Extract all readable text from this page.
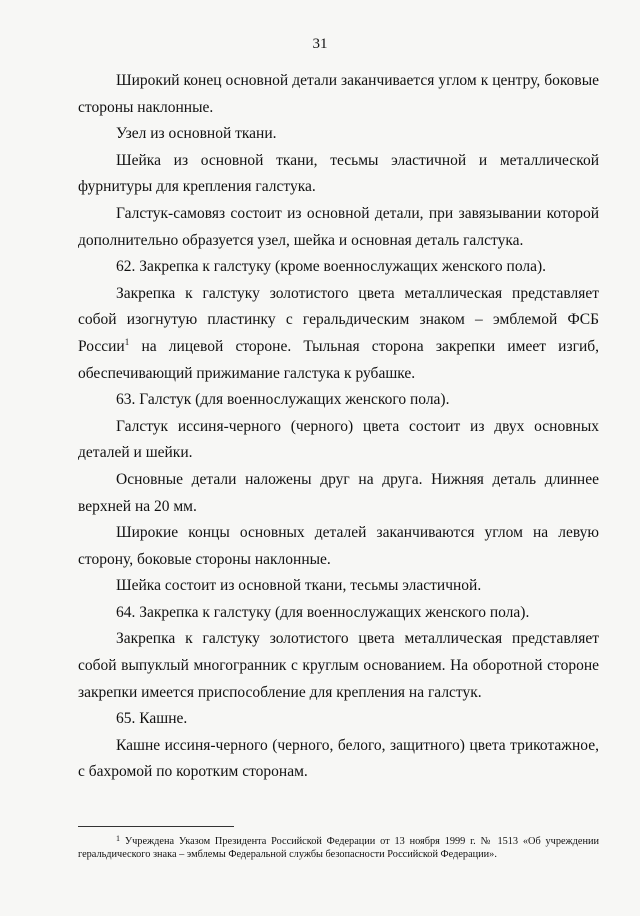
31

Широкий конец основной детали заканчивается углом к центру, боковые стороны наклонные.

Узел из основной ткани.

Шейка из основной ткани, тесьмы эластичной и металлической фурнитуры для крепления галстука.

Галстук-самовяз состоит из основной детали, при завязывании которой дополнительно образуется узел, шейка и основная деталь галстука.

62. Закрепка к галстуку (кроме военнослужащих женского пола).

Закрепка к галстуку золотистого цвета металлическая представляет собой изогнутую пластинку с геральдическим знаком – эмблемой ФСБ России$^1$ на лицевой стороне. Тыльная сторона закрепки имеет изгиб, обеспечивающий прижимание галстука к рубашке.

63. Галстук (для военнослужащих женского пола).

Галстук иссиня-черного (черного) цвета состоит из двух основных деталей и шейки.

Основные детали наложены друг на друга. Нижняя деталь длиннее верхней на 20 мм.

Широкие концы основных деталей заканчиваются углом на левую сторону, боковые стороны наклонные.

Шейка состоит из основной ткани, тесьмы эластичной.

64. Закрепка к галстуку (для военнослужащих женского пола).

Закрепка к галстуку золотистого цвета металлическая представляет собой выпуклый многогранник с круглым основанием. На оборотной стороне закрепки имеется приспособление для крепления на галстук.

65. Кашне.

Кашне иссиня-черного (черного, белого, защитного) цвета трикотажное, с бахромой по коротким сторонам.

$^1$ Учреждена Указом Президента Российской Федерации от 13 ноября 1999 г. № 1513 «Об учреждении геральдического знака – эмблемы Федеральной службы безопасности Российской Федерации».
